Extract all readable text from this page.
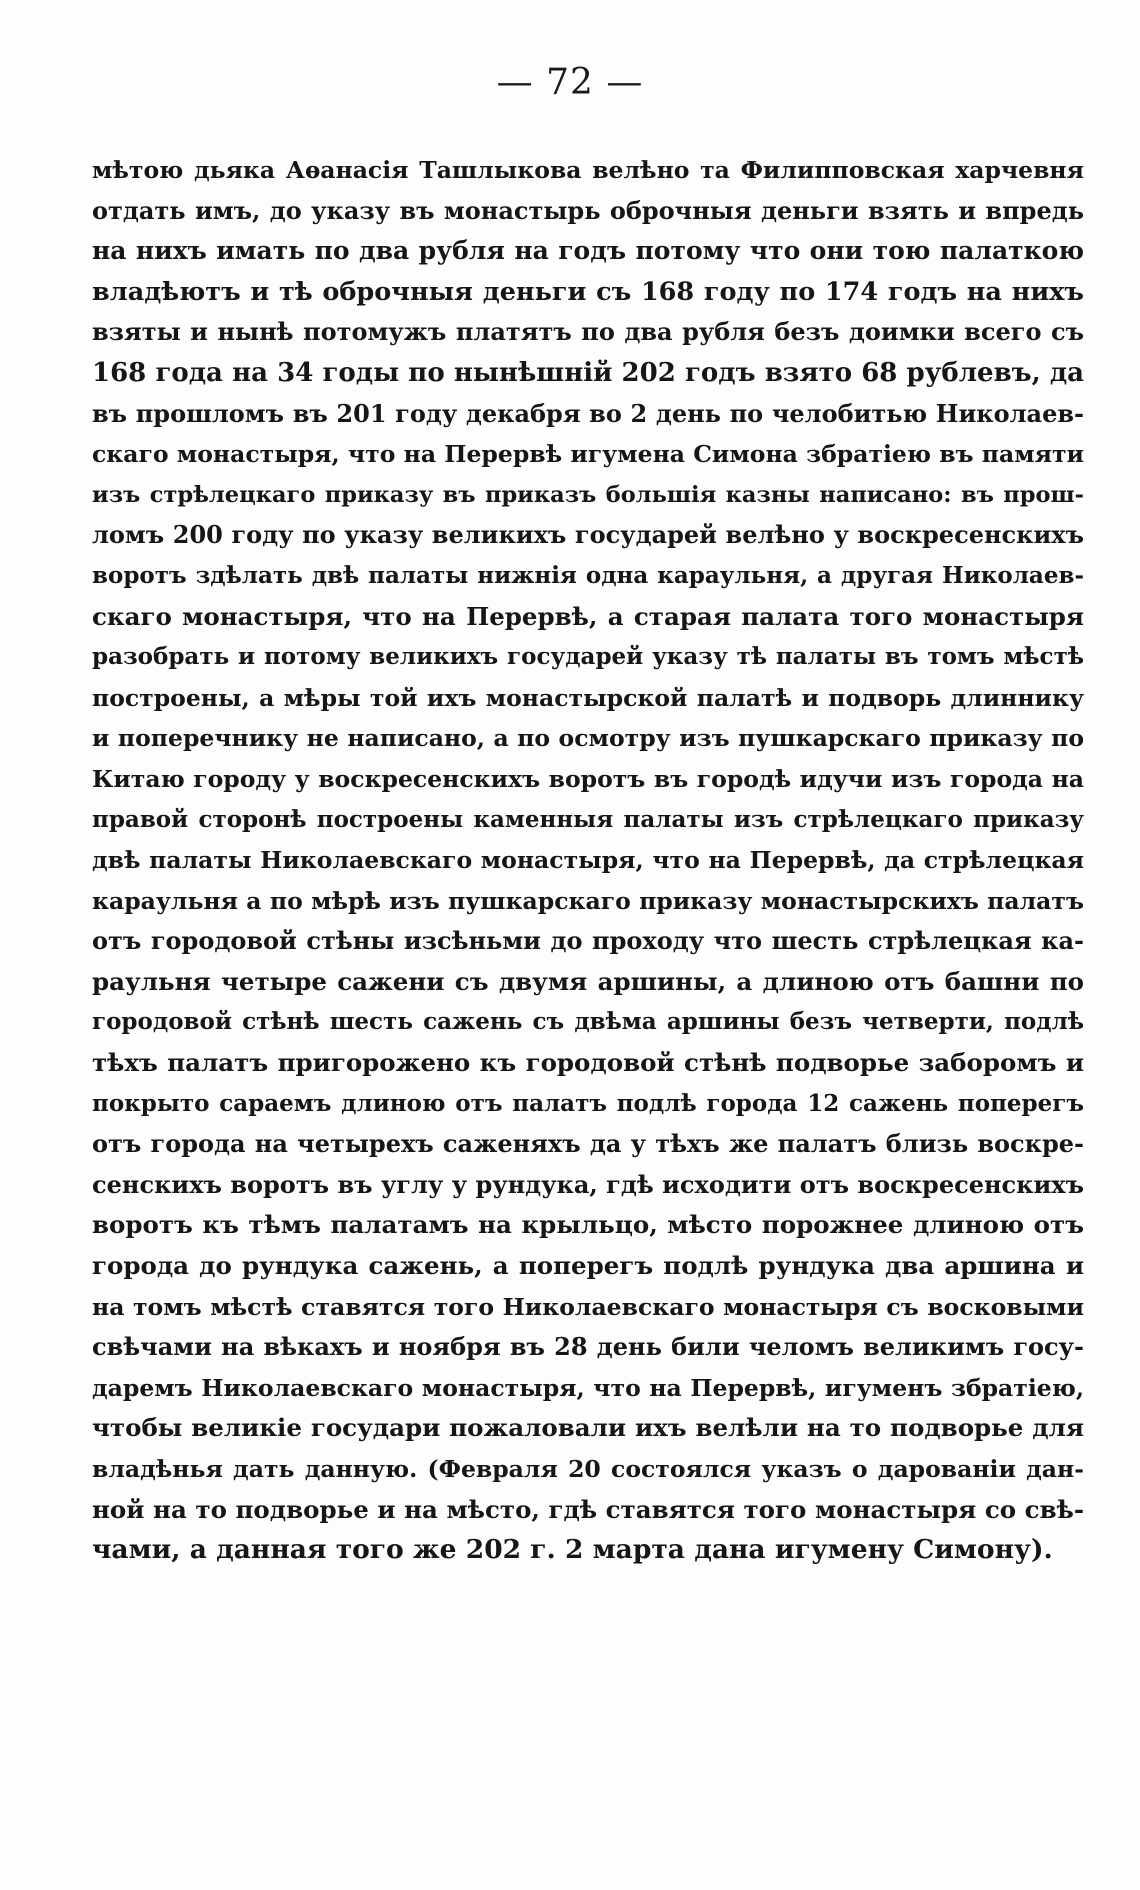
— 72 —
мѣтою дьяка Аѳанасія Ташлыкова велѣно та Филипповская харчевня
отдать имъ, до указу въ монастырь оброчныя деньги взять и впредь
на нихъ имать по два рубля на годъ потому что они тою палаткою
владѣютъ и тѣ оброчныя деньги съ 168 году по 174 годъ на нихъ
взяты и нынѣ потомужъ платятъ по два рубля безъ доимки всего съ
168 года на 34 годы по нынѣшній 202 годъ взято 68 рублевъ, да
въ прошломъ въ 201 году декабря во 2 день по челобитью Николаев-
скаго монастыря, что на Перервѣ игумена Симона збратіею въ памяти
изъ стрѣлецкаго приказу въ приказъ большія казны написано: въ прош-
ломъ 200 году по указу великихъ государей велѣно у воскресенскихъ
воротъ здѣлать двѣ палаты нижнія одна караульня, а другая Николаев-
скаго монастыря, что на Перервѣ, а старая палата того монастыря
разобрать и потому великихъ государей указу тѣ палаты въ томъ мѣстѣ
построены, а мѣры той ихъ монастырской палатѣ и подворь длиннику
и поперечнику не написано, а по осмотру изъ пушкарскаго приказу по
Китаю городу у воскресенскихъ воротъ въ городѣ идучи изъ города на
правой сторонѣ построены каменныя палаты изъ стрѣлецкаго приказу
двѣ палаты Николаевскаго монастыря, что на Перервѣ, да стрѣлецкая
караульня а по мѣрѣ изъ пушкарскаго приказу монастырскихъ палатъ
отъ городовой стѣны изсѣньми до проходу что шесть стрѣлецкая ка-
раульня четыре сажени съ двумя аршины, а длиною отъ башни по
городовой стѣнѣ шесть сажень съ двѣма аршины безъ четверти, подлѣ
тѣхъ палатъ пригорожено къ городовой стѣнѣ подворье заборомъ и
покрыто сараемъ длиною отъ палатъ подлѣ города 12 сажень поперегъ
отъ города на четырехъ саженяхъ да у тѣхъ же палатъ близь воскре-
сенскихъ воротъ въ углу у рундука, гдѣ исходити отъ воскресенскихъ
воротъ къ тѣмъ палатамъ на крыльцо, мѣсто порожнее длиною отъ
города до рундука сажень, а поперегъ подлѣ рундука два аршина и
на томъ мѣстѣ ставятся того Николаевскаго монастыря съ восковыми
свѣчами на вѣкахъ и ноября въ 28 день били челомъ великимъ госу-
даремъ Николаевскаго монастыря, что на Перервѣ, игуменъ збратіею,
чтобы великіе государи пожаловали ихъ велѣли на то подворье для
владѣнья дать данную. (Февраля 20 состоялся указъ о дарованіи дан-
ной на то подворье и на мѣсто, гдѣ ставятся того монастыря со свѣ-
чами, а данная того же 202 г. 2 марта дана игумену Симону).
